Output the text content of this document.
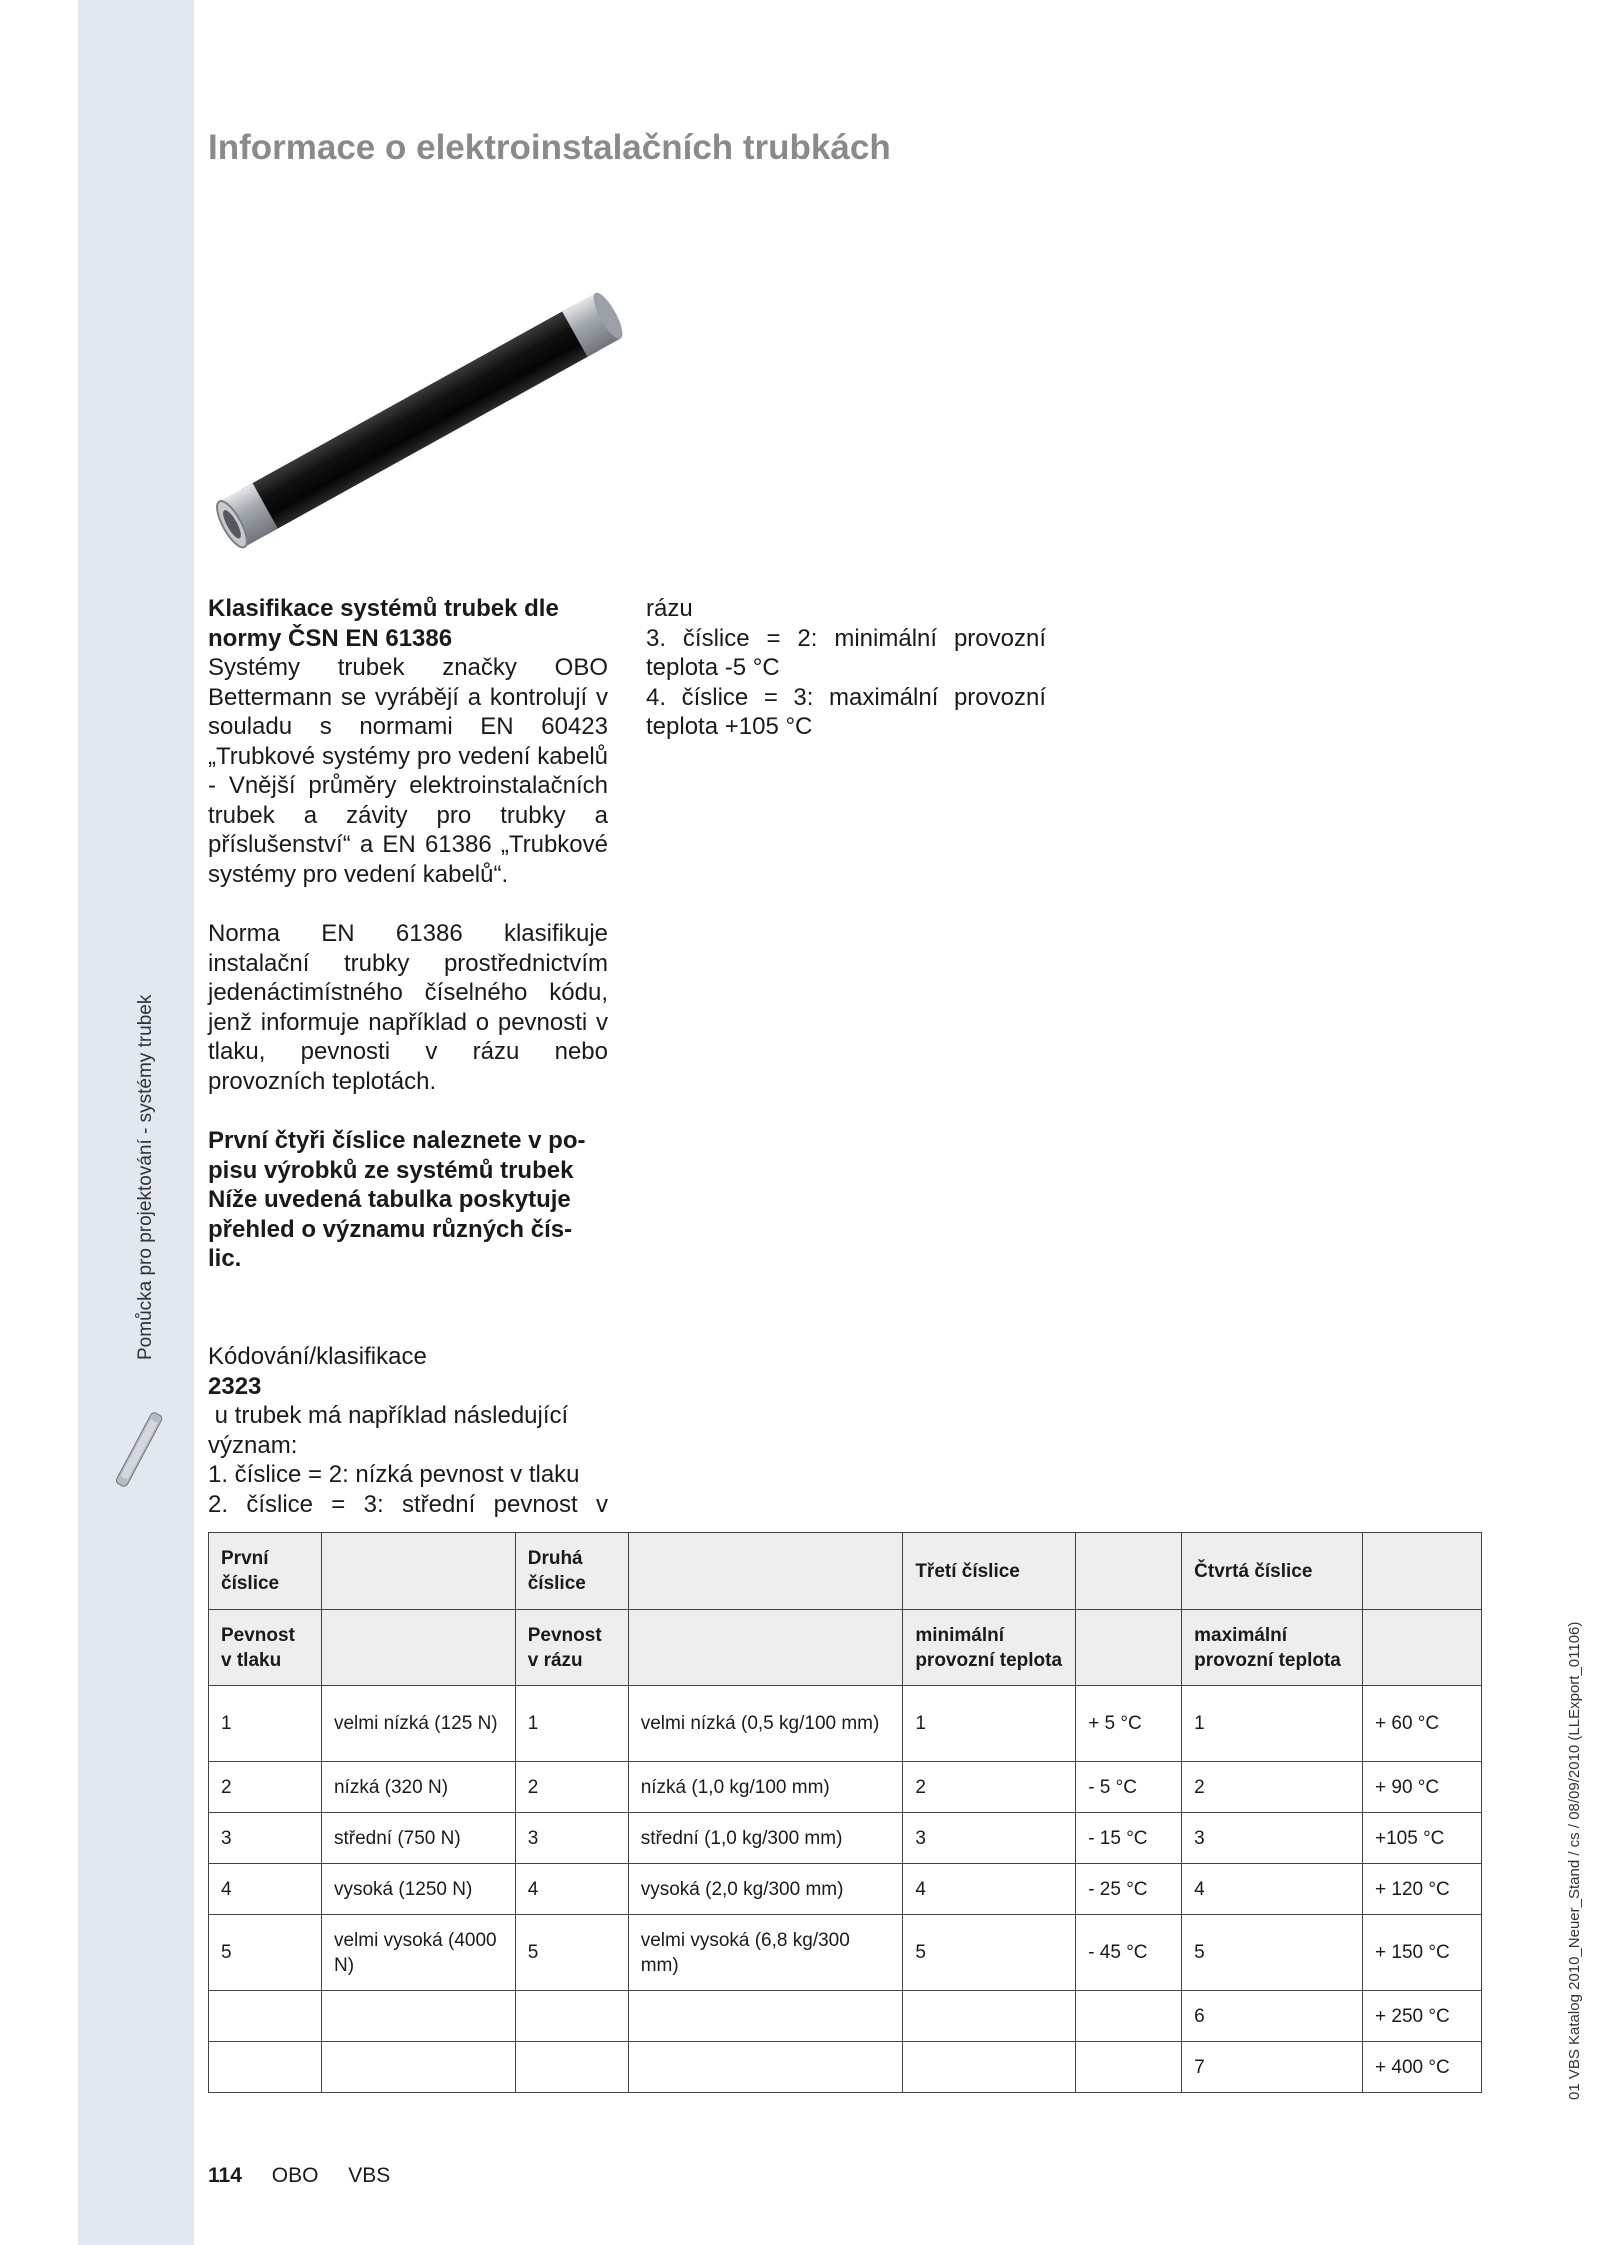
Pomůcka pro projektování - systémy trubek
01 VBS Katalog 2010_Neuer_Stand / cs / 08/09/2010 (LLExport_01106)
Informace o elektroinstalačních trubkách
Klasifikace systémů trubek dle
normy ČSN EN 61386
Systémy trubek značky OBO Bettermann se vyrábějí a kontrolují v souladu s normami EN 60423 „Trubkové systémy pro vedení kabelů - Vnější průměry elektroinstalačních trubek a závity pro trubky a příslušenství“ a EN 61386 „Trubkové systémy pro vedení kabelů“.

Norma EN 61386 klasifikuje instalační trubky prostřednictvím jedenáctimístného číselného kódu, jenž informuje například o pevnosti v tlaku, pevnosti v rázu nebo provozních teplotách.

První čtyři číslice naleznete v po-
pisu výrobků ze systémů trubek
Níže uvedená tabulka poskytuje
přehled o významu různých čís-
lic.
Kódování/klasifikace
2323
u trubek má například následující
význam:
1. číslice = 2: nízká pevnost v tlaku
2. číslice = 3: střední pevnost v
rázu
3. číslice = 2: minimální provozní
teplota -5 °C
4. číslice = 3: maximální provozní
teplota +105 °C
První číslice		Druhá číslice		Třetí číslice		Čtvrtá číslice	
Pevnost v tlaku		Pevnost v rázu		minimální provozní teplota		maximální provozní teplota	
1	velmi nízká (125 N)	1	velmi nízká (0,5 kg/100 mm)	1	+ 5 °C	1	+ 60 °C
2	nízká (320 N)	2	nízká (1,0 kg/100 mm)	2	- 5 °C	2	+ 90 °C
3	střední (750 N)	3	střední (1,0 kg/300 mm)	3	- 15 °C	3	+105 °C
4	vysoká (1250 N)	4	vysoká (2,0 kg/300 mm)	4	- 25 °C	4	+ 120 °C
5	velmi vysoká (4000 N)	5	velmi vysoká (6,8 kg/300 mm)	5	- 45 °C	5	+ 150 °C
						6	+ 250 °C
						7	+ 400 °C
114 OBO VBS
